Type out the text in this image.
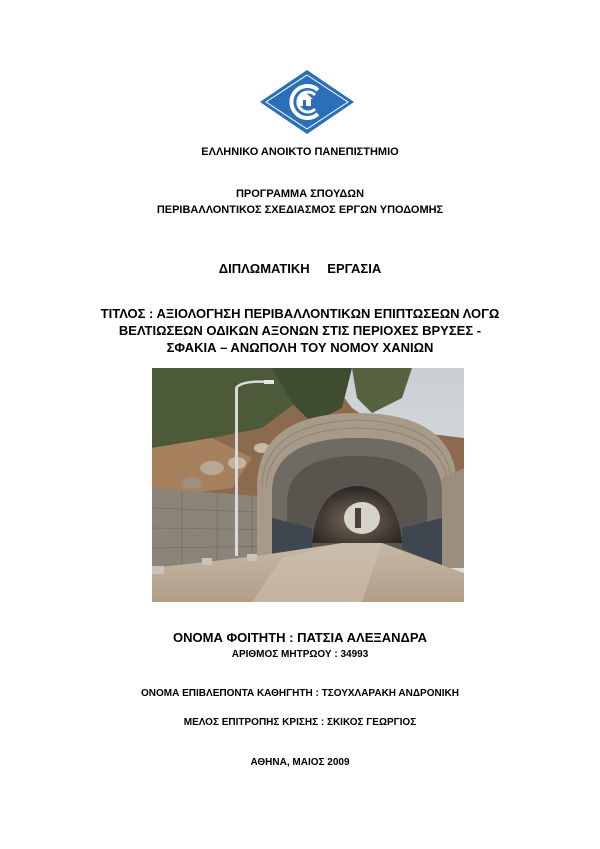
ΕΛΛΗΝΙΚΟ ΑΝΟΙΚΤΟ ΠΑΝΕΠΙΣΤΗΜΙΟ
ΠΡΟΓΡΑΜΜΑ ΣΠΟΥΔΩΝ
ΠΕΡΙΒΑΛΛΟΝΤΙΚΟΣ ΣΧΕΔΙΑΣΜΟΣ ΕΡΓΩΝ ΥΠΟΔΟΜΗΣ
ΔΙΠΛΩΜΑΤΙΚΗ ΕΡΓΑΣΙΑ
ΤΙΤΛΟΣ : ΑΞΙΟΛΟΓΗΣΗ ΠΕΡΙΒΑΛΛΟΝΤΙΚΩΝ ΕΠΙΠΤΩΣΕΩΝ ΛΟΓΩ
ΒΕΛΤΙΩΣΕΩΝ ΟΔΙΚΩΝ ΑΞΟΝΩΝ ΣΤΙΣ ΠΕΡΙΟΧΕΣ ΒΡΥΣΕΣ -
ΣΦΑΚΙΑ – ΑΝΩΠΟΛΗ ΤΟΥ ΝΟΜΟΥ ΧΑΝΙΩΝ
ΟΝΟΜΑ ΦΟΙΤΗΤΗ : ΠΑΤΣΙΑ ΑΛΕΞΑΝΔΡΑ
ΑΡΙΘΜΟΣ ΜΗΤΡΩΟΥ : 34993
ΟΝΟΜΑ ΕΠΙΒΛΕΠΟΝΤΑ ΚΑΘΗΓΗΤΗ : ΤΣΟΥΧΛΑΡΑΚΗ ΑΝΔΡΟΝΙΚΗ
ΜΕΛΟΣ ΕΠΙΤΡΟΠΗΣ ΚΡΙΣΗΣ : ΣΚΙΚΟΣ ΓΕΩΡΓΙΟΣ
ΑΘΗΝΑ, ΜΑΙΟΣ 2009
